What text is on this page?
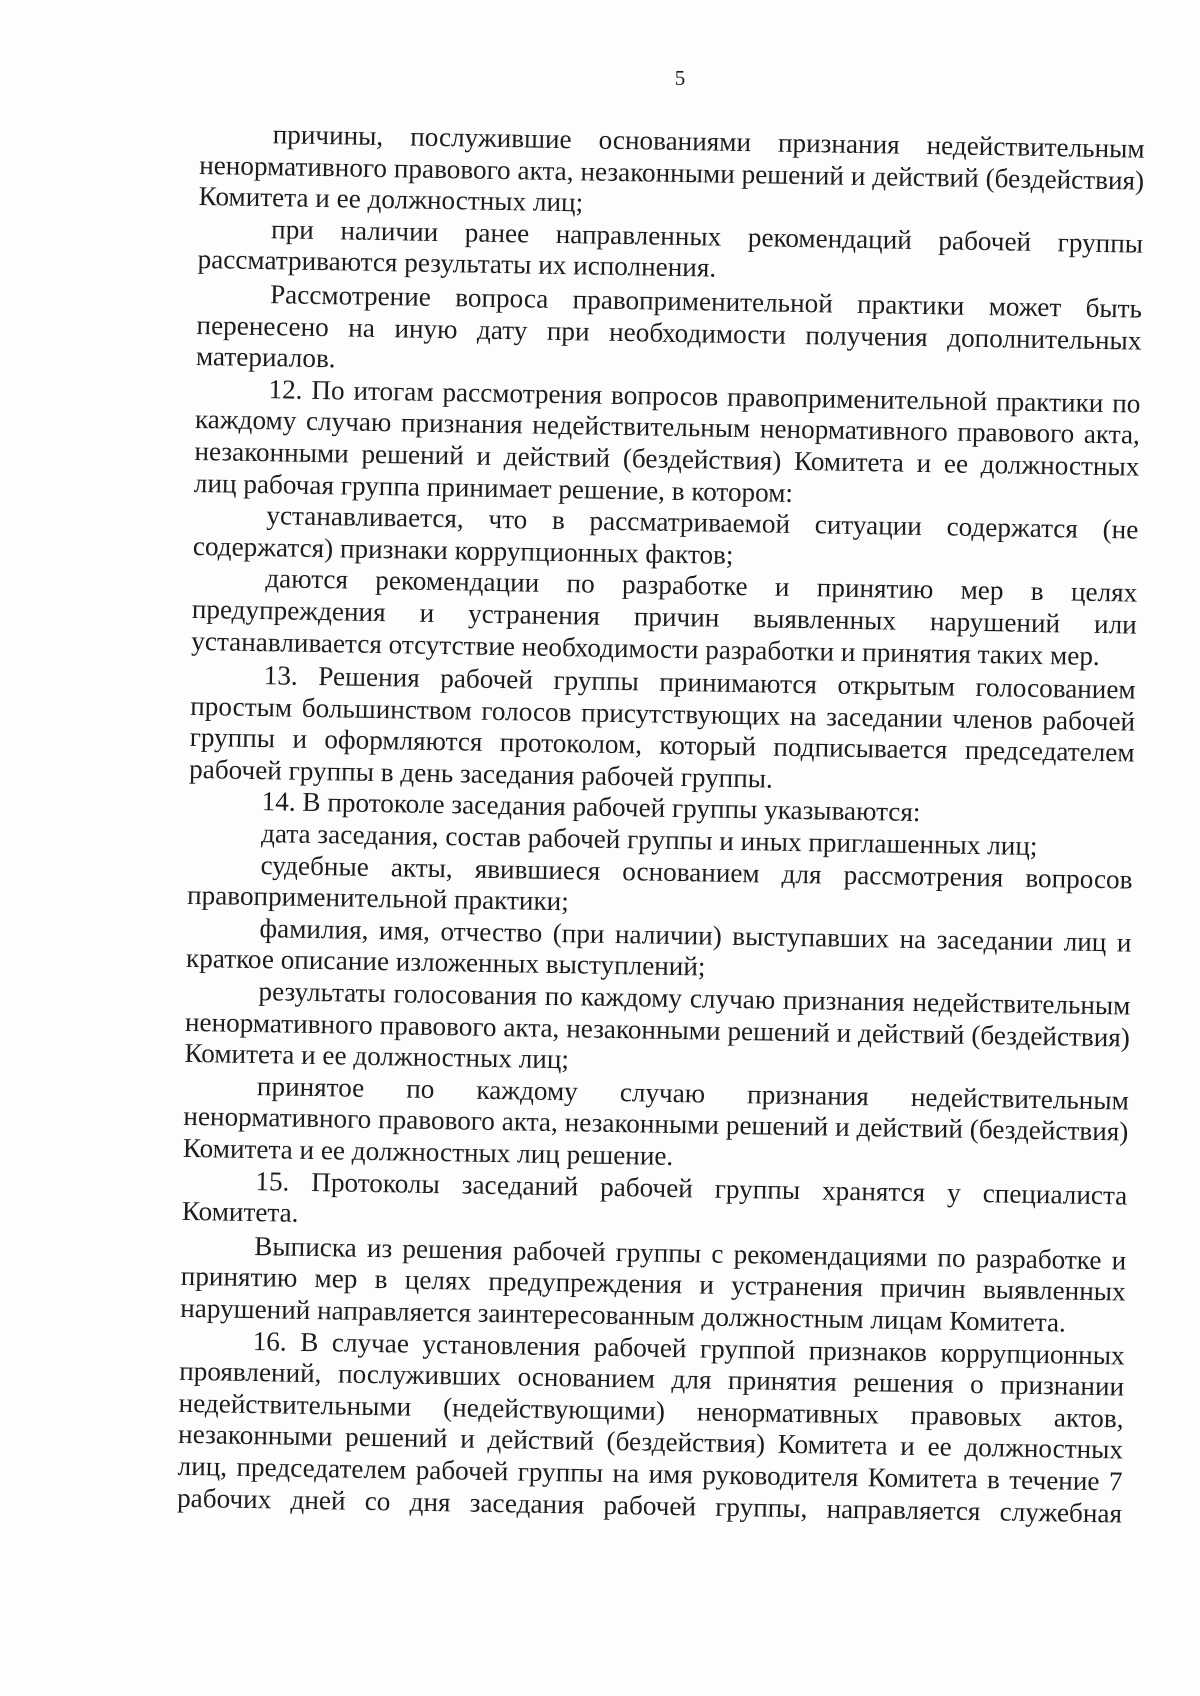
5

причины, послужившие основаниями признания недействительным ненормативного правового акта, незаконными решений и действий (бездействия) Комитета и ее должностных лиц;

при наличии ранее направленных рекомендаций рабочей группы рассматриваются результаты их исполнения.

Рассмотрение вопроса правоприменительной практики может быть перенесено на иную дату при необходимости получения дополнительных материалов.

12. По итогам рассмотрения вопросов правоприменительной практики по каждому случаю признания недействительным ненормативного правового акта, незаконными решений и действий (бездействия) Комитета и ее должностных лиц рабочая группа принимает решение, в котором:

устанавливается, что в рассматриваемой ситуации содержатся (не содержатся) признаки коррупционных фактов;

даются рекомендации по разработке и принятию мер в целях предупреждения и устранения причин выявленных нарушений или устанавливается отсутствие необходимости разработки и принятия таких мер.

13. Решения рабочей группы принимаются открытым голосованием простым большинством голосов присутствующих на заседании членов рабочей группы и оформляются протоколом, который подписывается председателем рабочей группы в день заседания рабочей группы.

14. В протоколе заседания рабочей группы указываются:

дата заседания, состав рабочей группы и иных приглашенных лиц;

судебные акты, явившиеся основанием для рассмотрения вопросов правоприменительной практики;

фамилия, имя, отчество (при наличии) выступавших на заседании лиц и краткое описание изложенных выступлений;

результаты голосования по каждому случаю признания недействительным ненормативного правового акта, незаконными решений и действий (бездействия) Комитета и ее должностных лиц;

принятое по каждому случаю признания недействительным ненормативного правового акта, незаконными решений и действий (бездействия) Комитета и ее должностных лиц решение.

15. Протоколы заседаний рабочей группы хранятся у специалиста Комитета.

Выписка из решения рабочей группы с рекомендациями по разработке и принятию мер в целях предупреждения и устранения причин выявленных нарушений направляется заинтересованным должностным лицам Комитета.

16. В случае установления рабочей группой признаков коррупционных проявлений, послуживших основанием для принятия решения о признании недействительными (недействующими) ненормативных правовых актов, незаконными решений и действий (бездействия) Комитета и ее должностных лиц, председателем рабочей группы на имя руководителя Комитета в течение 7 рабочих дней со дня заседания рабочей группы, направляется служебная
